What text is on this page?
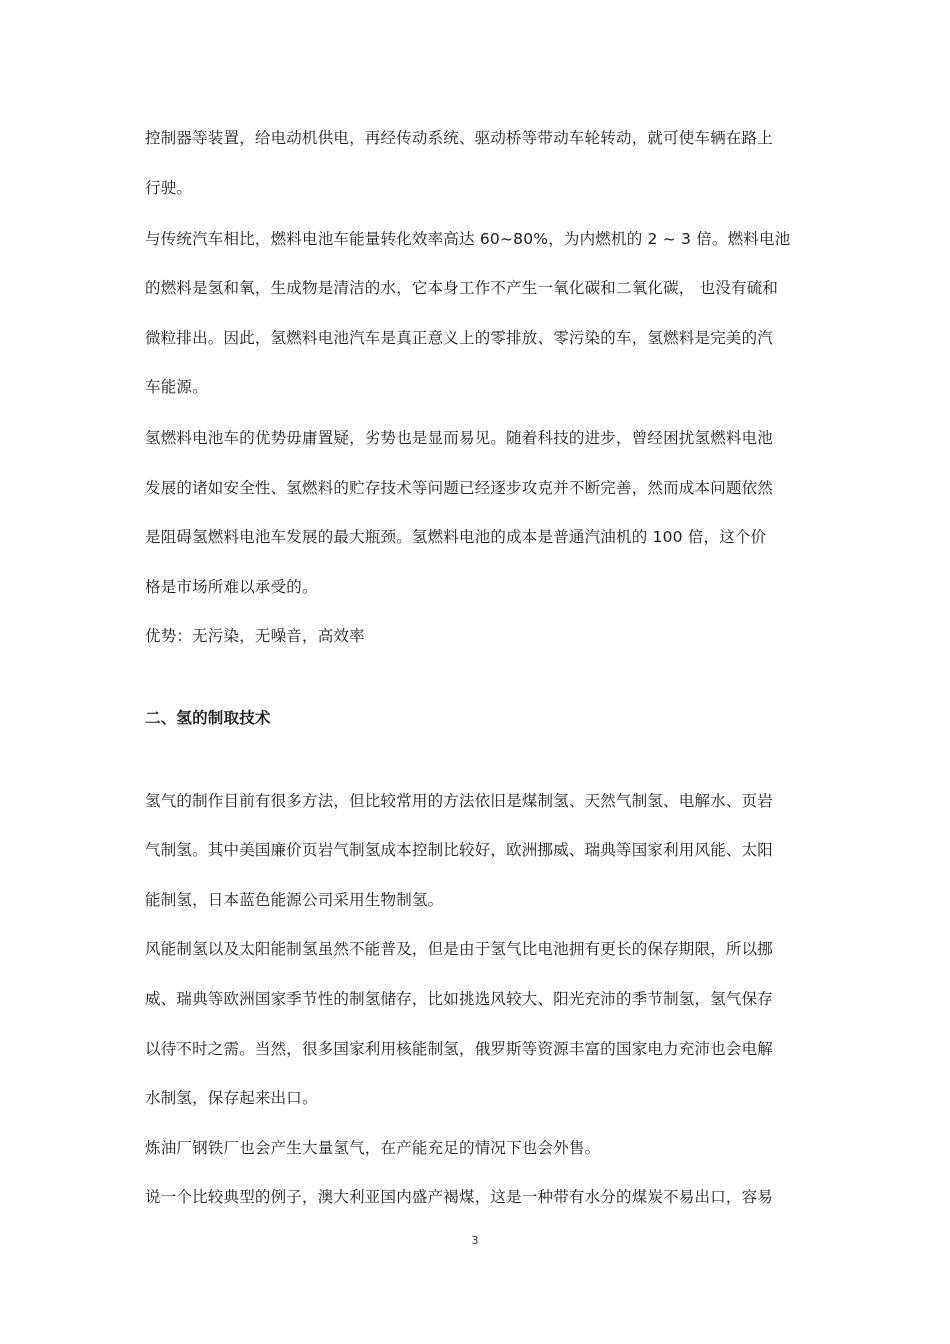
控制器等装置，给电动机供电，再经传动系统、驱动桥等带动车轮转动，就可使车辆在路上
行驶。
与传统汽车相比，燃料电池车能量转化效率高达 60~80%，为内燃机的 2 ~ 3 倍。燃料电池
的燃料是氢和氧，生成物是清洁的水，它本身工作不产生一氧化碳和二氧化碳， 也没有硫和
微粒排出。因此，氢燃料电池汽车是真正意义上的零排放、零污染的车，氢燃料是完美的汽
车能源。
氢燃料电池车的优势毋庸置疑，劣势也是显而易见。随着科技的进步，曾经困扰氢燃料电池
发展的诸如安全性、氢燃料的贮存技术等问题已经逐步攻克并不断完善，然而成本问题依然
是阻碍氢燃料电池车发展的最大瓶颈。氢燃料电池的成本是普通汽油机的 100 倍，这个价
格是市场所难以承受的。
优势：无污染，无噪音，高效率
二、氢的制取技术
氢气的制作目前有很多方法，但比较常用的方法依旧是煤制氢、天然气制氢、电解水、页岩
气制氢。其中美国廉价页岩气制氢成本控制比较好，欧洲挪威、瑞典等国家利用风能、太阳
能制氢，日本蓝色能源公司采用生物制氢。
风能制氢以及太阳能制氢虽然不能普及，但是由于氢气比电池拥有更长的保存期限，所以挪
威、瑞典等欧洲国家季节性的制氢储存，比如挑选风较大、阳光充沛的季节制氢，氢气保存
以待不时之需。当然，很多国家利用核能制氢，俄罗斯等资源丰富的国家电力充沛也会电解
水制氢，保存起来出口。
炼油厂钢铁厂也会产生大量氢气，在产能充足的情况下也会外售。
说一个比较典型的例子，澳大利亚国内盛产褐煤，这是一种带有水分的煤炭不易出口，容易
3
